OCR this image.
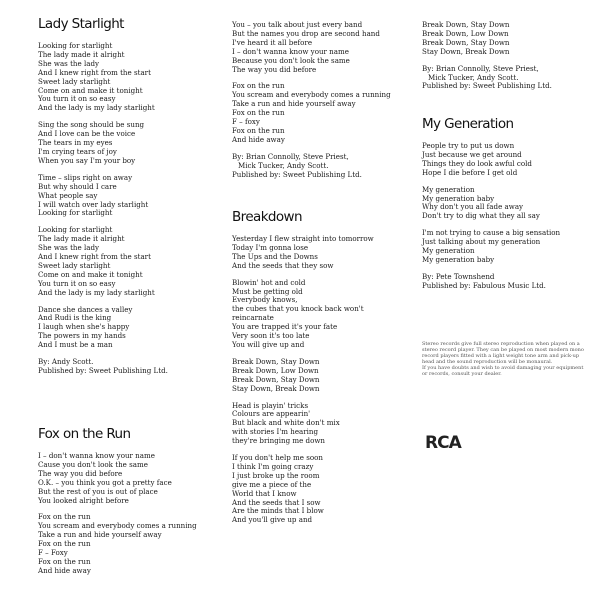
Lady Starlight
Looking for starlight
The lady made it alright
She was the lady
And I knew right from the start
Sweet lady starlight
Come on and make it tonight
You turn it on so easy
And the lady is my lady starlight
Sing the song should be sung
And I love can be the voice
The tears in my eyes
I'm crying tears of joy
When you say I'm your boy
Time – slips right on away
But why should I care
What people say
I will watch over lady starlight
Looking for starlight
Looking for starlight
The lady made it alright
She was the lady
And I knew right from the start
Sweet lady starlight
Come on and make it tonight
You turn it on so easy
And the lady is my lady starlight
Dance she dances a valley
And Rudi is the king
I laugh when she's happy
The powers in my hands
And I must be a man
By: Andy Scott.
Published by: Sweet Publishing Ltd.
Fox on the Run
I – don't wanna know your name
Cause you don't look the same
The way you did before
O.K. – you think you got a pretty face
But the rest of you is out of place
You looked alright before
Fox on the run
You scream and everybody comes a running
Take a run and hide yourself away
Fox on the run
F – Foxy
Fox on the run
And hide away
You – you talk about just every band
But the names you drop are second hand
I've heard it all before
I – don't wanna know your name
Because you don't look the same
The way you did before
Fox on the run
You scream and everybody comes a running
Take a run and hide yourself away
Fox on the run
F – foxy
Fox on the run
And hide away
By: Brian Connolly, Steve Priest,
Mick Tucker, Andy Scott.
Published by: Sweet Publishing Ltd.
Breakdown
Yesterday I flew straight into tomorrow
Today I'm gonna lose
The Ups and the Downs
And the seeds that they sow
Blowin' hot and cold
Must be getting old
Everybody knows,
the cubes that you knock back won't
reincarnate
You are trapped it's your fate
Very soon it's too late
You will give up and
Break Down, Stay Down
Break Down, Low Down
Break Down, Stay Down
Stay Down, Break Down
Head is playin' tricks
Colours are appearin'
But black and white don't mix
with stories I'm hearing
they're bringing me down
If you don't help me soon
I think I'm going crazy
I just broke up the room
give me a piece of the
World that I know
And the seeds that I sow
Are the minds that I blow
And you'll give up and
Break Down, Stay Down
Break Down, Low Down
Break Down, Stay Down
Stay Down, Break Down
By: Brian Connolly, Steve Priest,
Mick Tucker, Andy Scott.
Published by: Sweet Publishing Ltd.
My Generation
People try to put us down
Just because we get around
Things they do look awful cold
Hope I die before I get old
My generation
My generation baby
Why don't you all fade away
Don't try to dig what they all say
I'm not trying to cause a big sensation
Just talking about my generation
My generation
My generation baby
By: Pete Townshend
Published by: Fabulous Music Ltd.
Stereo records give full stereo reproduction when played on a
stereo record player. They can be played on most modern mono
record players fitted with a light weight tone arm and pick-up
head and the sound reproduction will be monaural.
If you have doubts and wish to avoid damaging your equipment
or records, consult your dealer.
RCA
